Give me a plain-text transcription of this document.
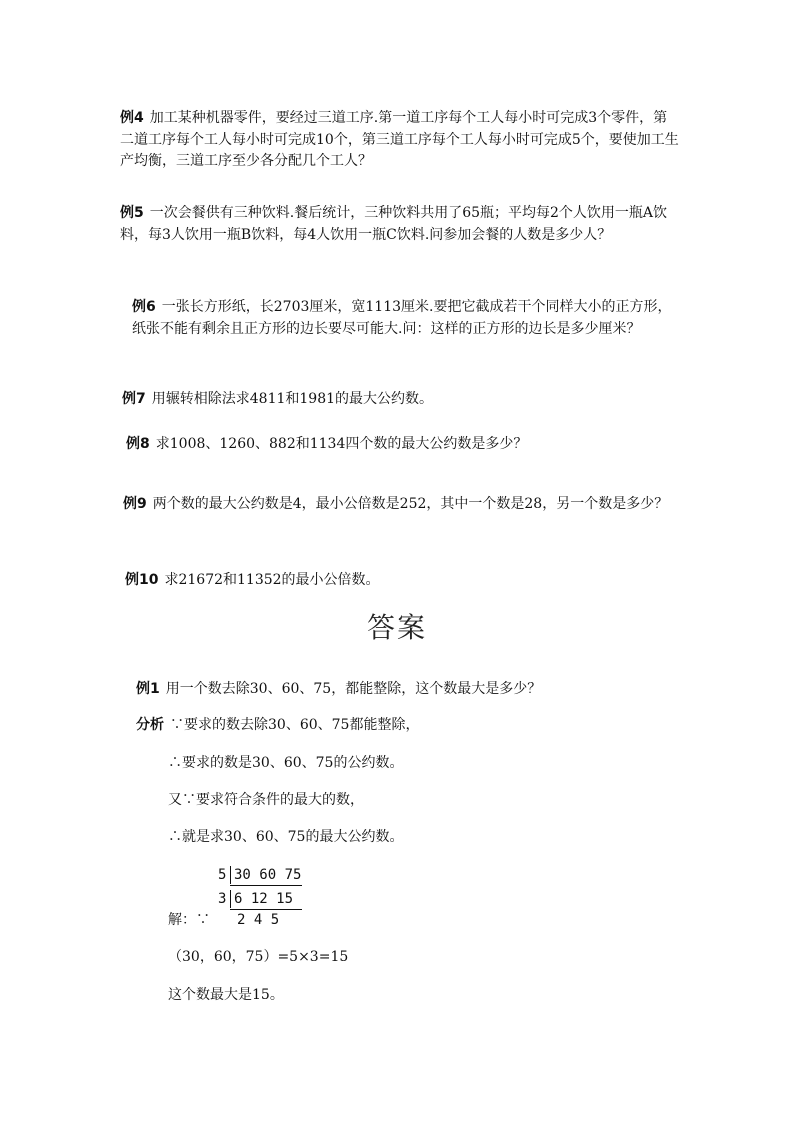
例4 加工某种机器零件，要经过三道工序.第一道工序每个工人每小时可完成3个零件，第二道工序每个工人每小时可完成10个，第三道工序每个工人每小时可完成5个，要使加工生产均衡，三道工序至少各分配几个工人？
例5 一次会餐供有三种饮料.餐后统计，三种饮料共用了65瓶；平均每2个人饮用一瓶A饮料，每3人饮用一瓶B饮料，每4人饮用一瓶C饮料.问参加会餐的人数是多少人？
例6 一张长方形纸，长2703厘米，宽1113厘米.要把它截成若干个同样大小的正方形，纸张不能有剩余且正方形的边长要尽可能大.问：这样的正方形的边长是多少厘米？
例7 用辗转相除法求4811和1981的最大公约数。
例8 求1008、1260、882和1134四个数的最大公约数是多少？
例9 两个数的最大公约数是4，最小公倍数是252，其中一个数是28，另一个数是多少？
例10 求21672和11352的最小公倍数。
答案
例1 用一个数去除30、60、75，都能整除，这个数最大是多少？
分析 ∵要求的数去除30、60、75都能整除，
∴要求的数是30、60、75的公约数。
又∵要求符合条件的最大的数，
∴就是求30、60、75的最大公约数。
5 30 60 75
3 6 12 15
2 4 5
解：∵
（30，60，75）=5×3=15
这个数最大是15。
